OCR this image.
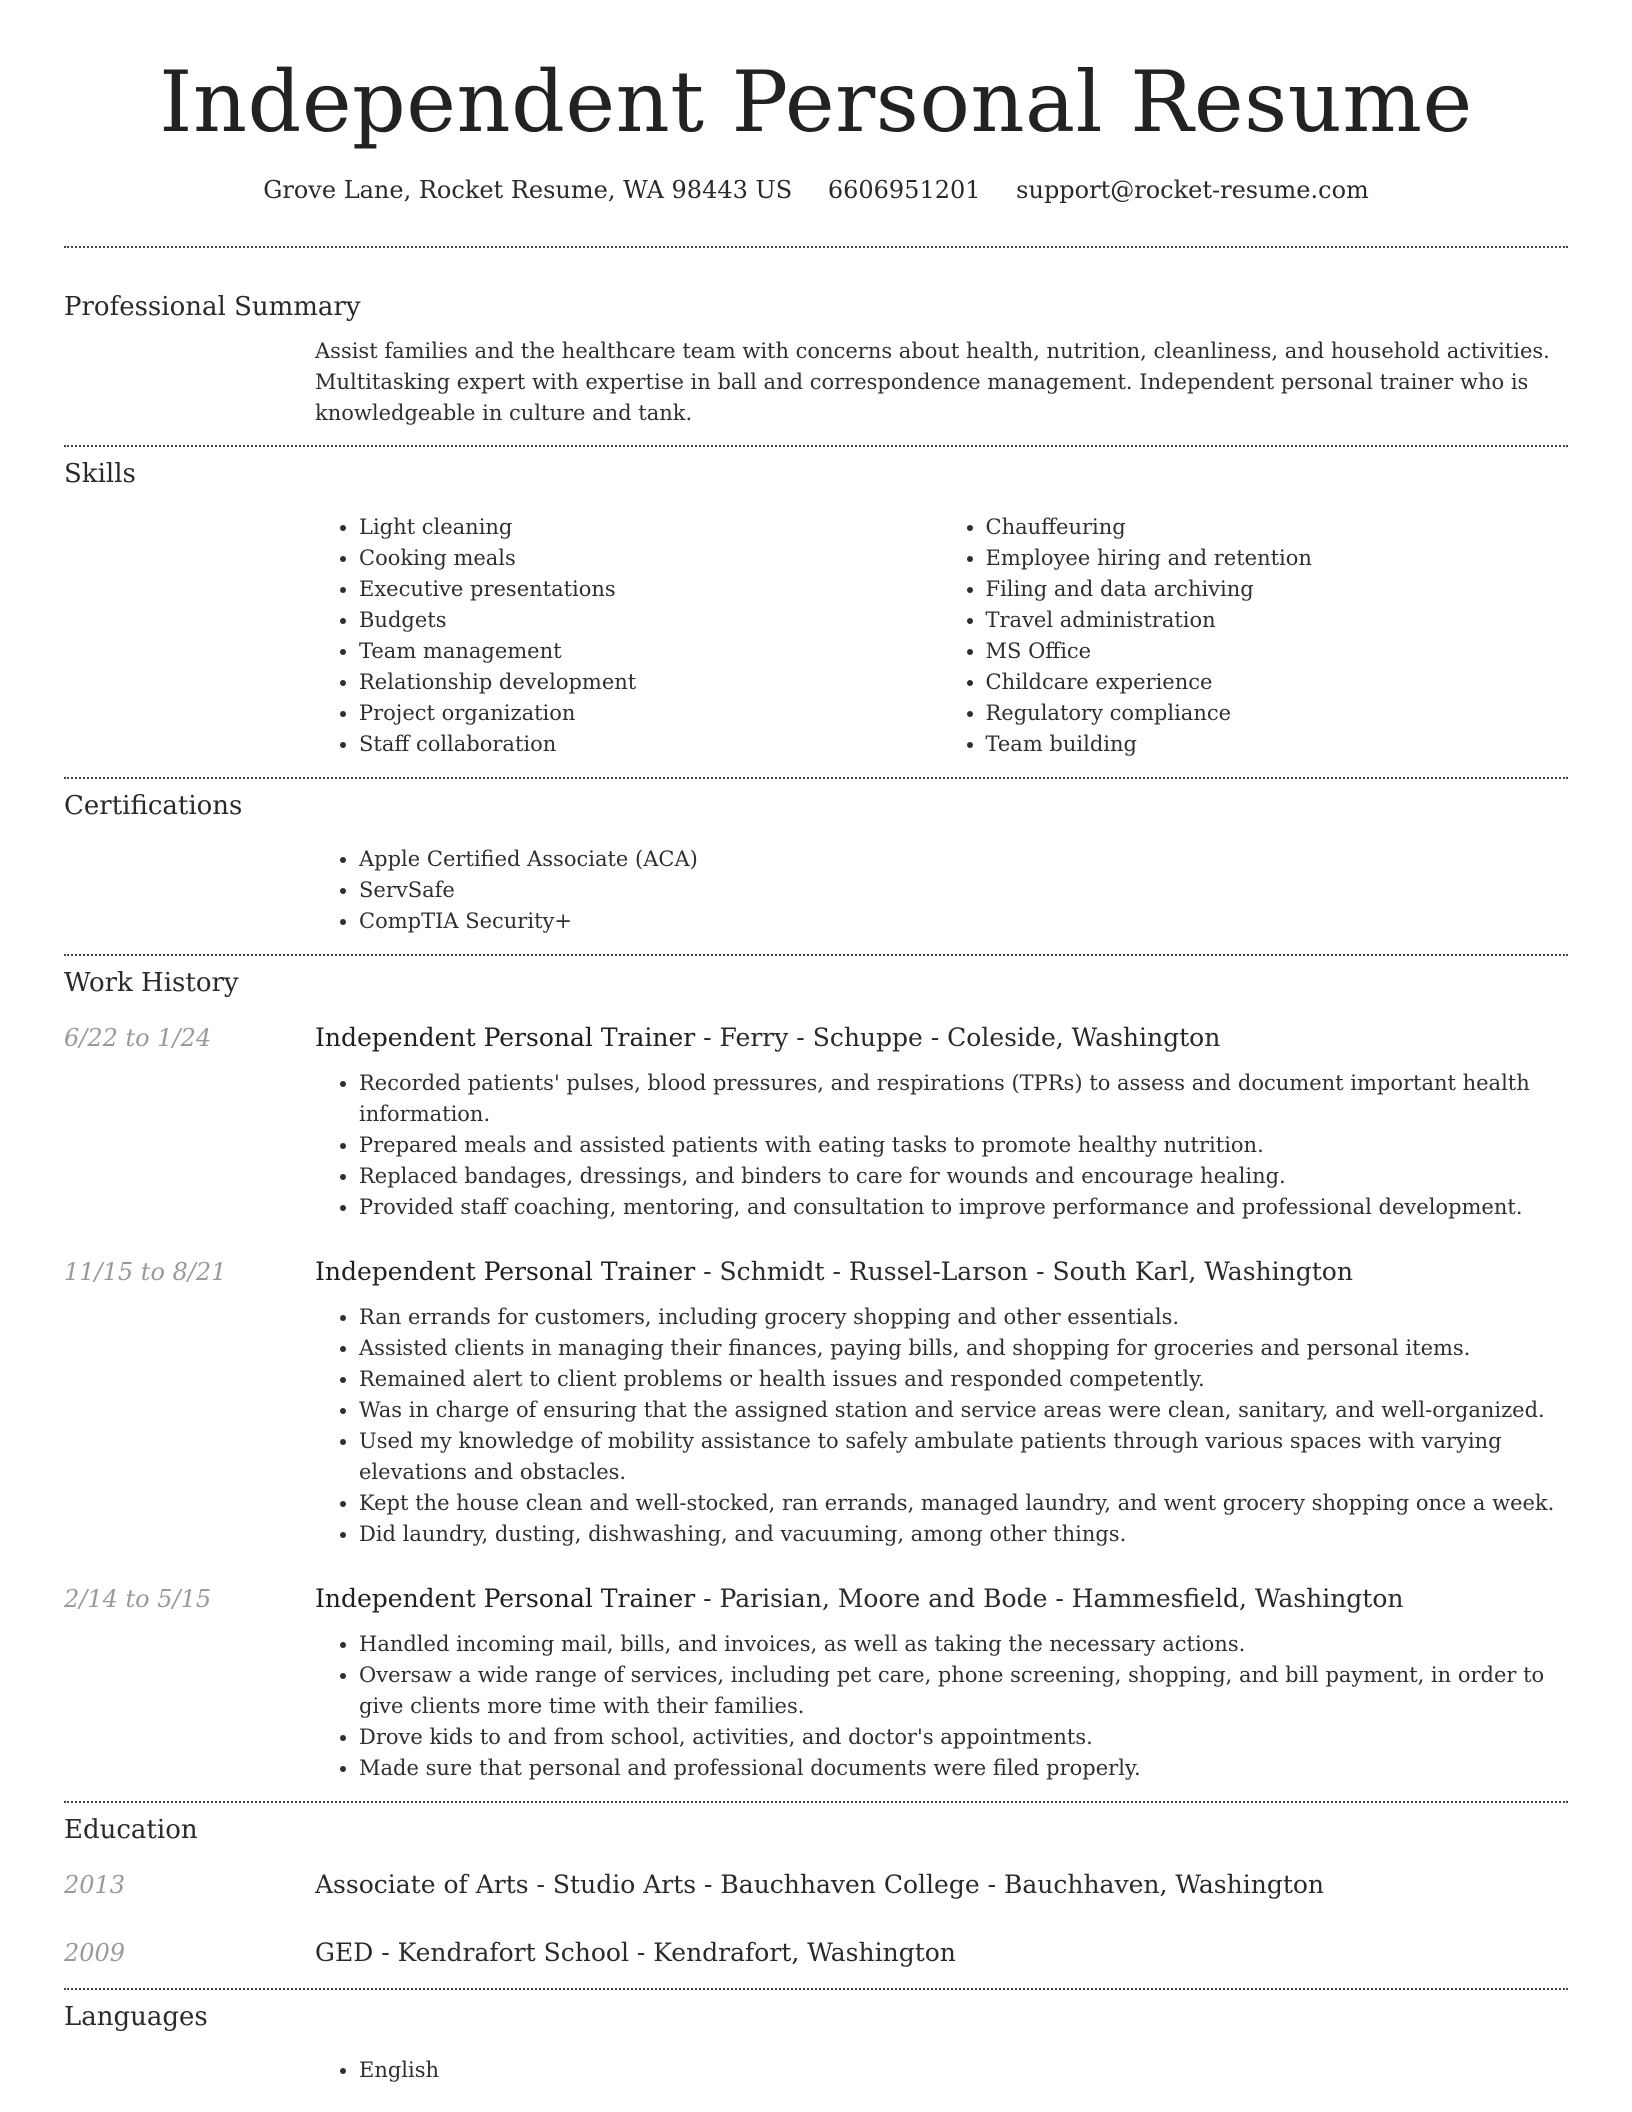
Independent Personal Resume
Grove Lane, Rocket Resume, WA 98443 US 6606951201 support@rocket-resume.com
Professional Summary

Assist families and the healthcare team with concerns about health, nutrition, cleanliness, and household activities. Multitasking expert with expertise in ball and correspondence management. Independent personal trainer who is knowledgeable in culture and tank.

Skills
• Light cleaning
• Cooking meals
• Executive presentations
• Budgets
• Team management
• Relationship development
• Project organization
• Staff collaboration
• Chauffeuring
• Employee hiring and retention
• Filing and data archiving
• Travel administration
• MS Office
• Childcare experience
• Regulatory compliance
• Team building
Certifications
• Apple Certified Associate (ACA)
• ServSafe
• CompTIA Security+
Work History
6/22 to 1/24	Independent Personal Trainer - Ferry - Schuppe - Coleside, Washington
• Recorded patients' pulses, blood pressures, and respirations (TPRs) to assess and document important health information.
• Prepared meals and assisted patients with eating tasks to promote healthy nutrition.
• Replaced bandages, dressings, and binders to care for wounds and encourage healing.
• Provided staff coaching, mentoring, and consultation to improve performance and professional development.
11/15 to 8/21	Independent Personal Trainer - Schmidt - Russel-Larson - South Karl, Washington
• Ran errands for customers, including grocery shopping and other essentials.
• Assisted clients in managing their finances, paying bills, and shopping for groceries and personal items.
• Remained alert to client problems or health issues and responded competently.
• Was in charge of ensuring that the assigned station and service areas were clean, sanitary, and well-organized.
• Used my knowledge of mobility assistance to safely ambulate patients through various spaces with varying elevations and obstacles.
• Kept the house clean and well-stocked, ran errands, managed laundry, and went grocery shopping once a week.
• Did laundry, dusting, dishwashing, and vacuuming, among other things.
2/14 to 5/15	Independent Personal Trainer - Parisian, Moore and Bode - Hammesfield, Washington
• Handled incoming mail, bills, and invoices, as well as taking the necessary actions.
• Oversaw a wide range of services, including pet care, phone screening, shopping, and bill payment, in order to give clients more time with their families.
• Drove kids to and from school, activities, and doctor's appointments.
• Made sure that personal and professional documents were filed properly.
Education
2013	Associate of Arts - Studio Arts - Bauchhaven College - Bauchhaven, Washington
2009	GED - Kendrafort School - Kendrafort, Washington
Languages
• English
